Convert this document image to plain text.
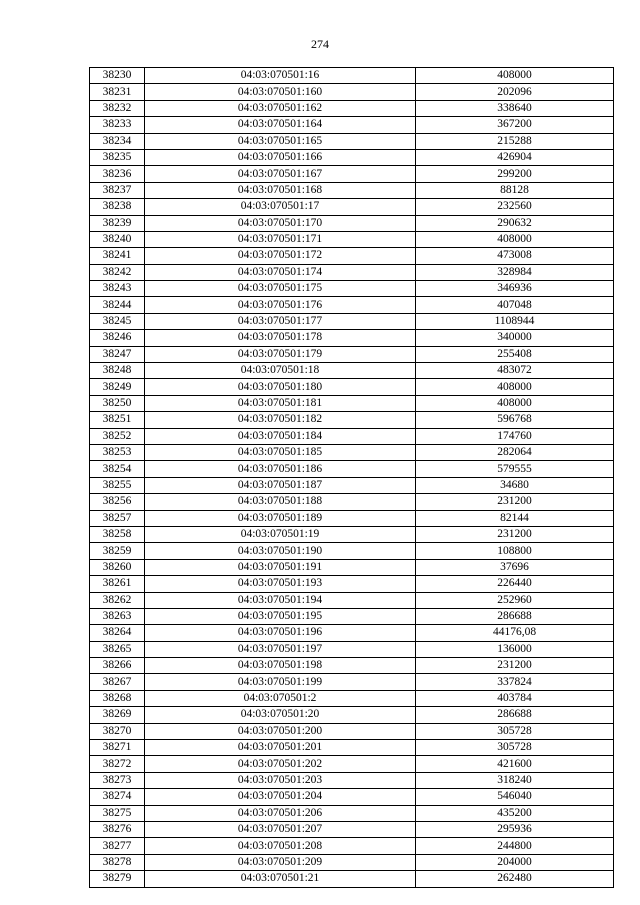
274
38230	04:03:070501:16	408000
38231	04:03:070501:160	202096
38232	04:03:070501:162	338640
38233	04:03:070501:164	367200
38234	04:03:070501:165	215288
38235	04:03:070501:166	426904
38236	04:03:070501:167	299200
38237	04:03:070501:168	88128
38238	04:03:070501:17	232560
38239	04:03:070501:170	290632
38240	04:03:070501:171	408000
38241	04:03:070501:172	473008
38242	04:03:070501:174	328984
38243	04:03:070501:175	346936
38244	04:03:070501:176	407048
38245	04:03:070501:177	1108944
38246	04:03:070501:178	340000
38247	04:03:070501:179	255408
38248	04:03:070501:18	483072
38249	04:03:070501:180	408000
38250	04:03:070501:181	408000
38251	04:03:070501:182	596768
38252	04:03:070501:184	174760
38253	04:03:070501:185	282064
38254	04:03:070501:186	579555
38255	04:03:070501:187	34680
38256	04:03:070501:188	231200
38257	04:03:070501:189	82144
38258	04:03:070501:19	231200
38259	04:03:070501:190	108800
38260	04:03:070501:191	37696
38261	04:03:070501:193	226440
38262	04:03:070501:194	252960
38263	04:03:070501:195	286688
38264	04:03:070501:196	44176,08
38265	04:03:070501:197	136000
38266	04:03:070501:198	231200
38267	04:03:070501:199	337824
38268	04:03:070501:2	403784
38269	04:03:070501:20	286688
38270	04:03:070501:200	305728
38271	04:03:070501:201	305728
38272	04:03:070501:202	421600
38273	04:03:070501:203	318240
38274	04:03:070501:204	546040
38275	04:03:070501:206	435200
38276	04:03:070501:207	295936
38277	04:03:070501:208	244800
38278	04:03:070501:209	204000
38279	04:03:070501:21	262480
